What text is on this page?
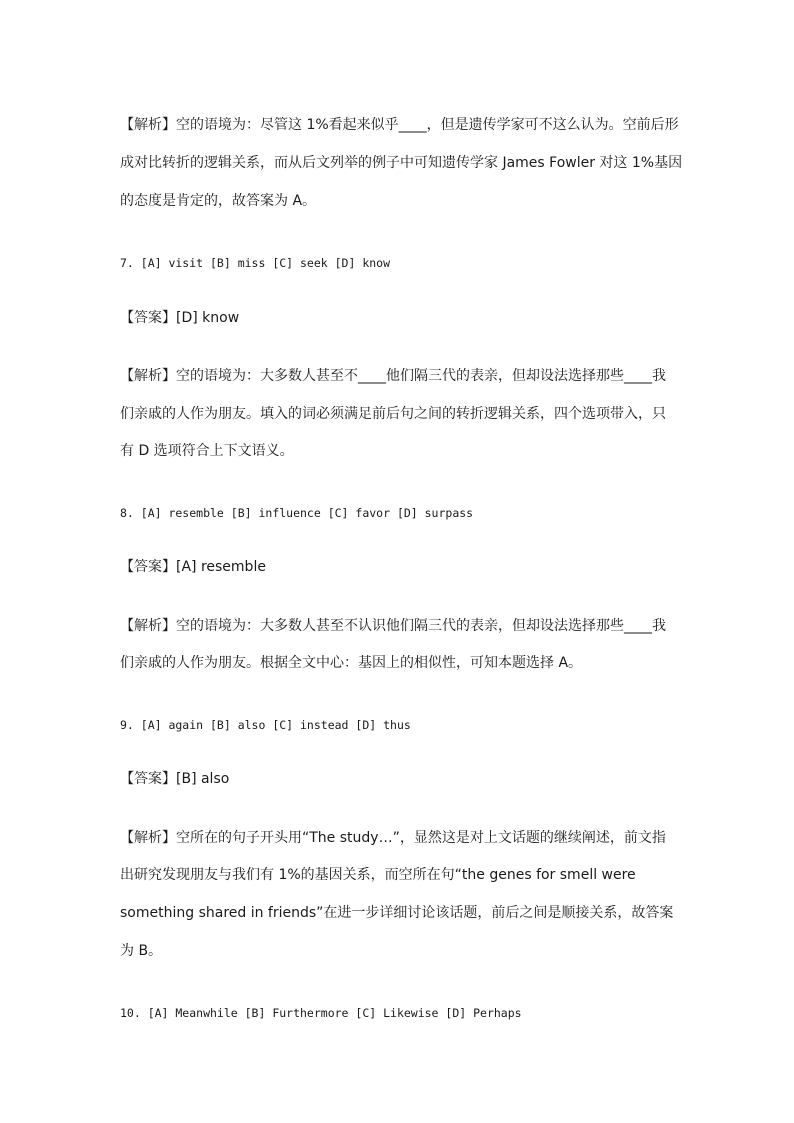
【解析】空的语境为：尽管这 1%看起来似乎____，但是遗传学家可不这么认为。空前后形
成对比转折的逻辑关系，而从后文列举的例子中可知遗传学家 James Fowler 对这 1%基因
的态度是肯定的，故答案为 A。
7. [A] visit [B] miss [C] seek [D] know
【答案】[D] know
【解析】空的语境为：大多数人甚至不____他们隔三代的表亲，但却设法选择那些____我
们亲戚的人作为朋友。填入的词必须满足前后句之间的转折逻辑关系，四个选项带入，只
有 D 选项符合上下文语义。
8. [A] resemble [B] influence [C] favor [D] surpass
【答案】[A] resemble
【解析】空的语境为：大多数人甚至不认识他们隔三代的表亲，但却设法选择那些____我
们亲戚的人作为朋友。根据全文中心：基因上的相似性，可知本题选择 A。
9. [A] again [B] also [C] instead [D] thus
【答案】[B] also
【解析】空所在的句子开头用“The study…”，显然这是对上文话题的继续阐述，前文指
出研究发现朋友与我们有 1%的基因关系，而空所在句“the genes for smell were
something shared in friends”在进一步详细讨论该话题，前后之间是顺接关系，故答案
为 B。
10. [A] Meanwhile [B] Furthermore [C] Likewise [D] Perhaps
